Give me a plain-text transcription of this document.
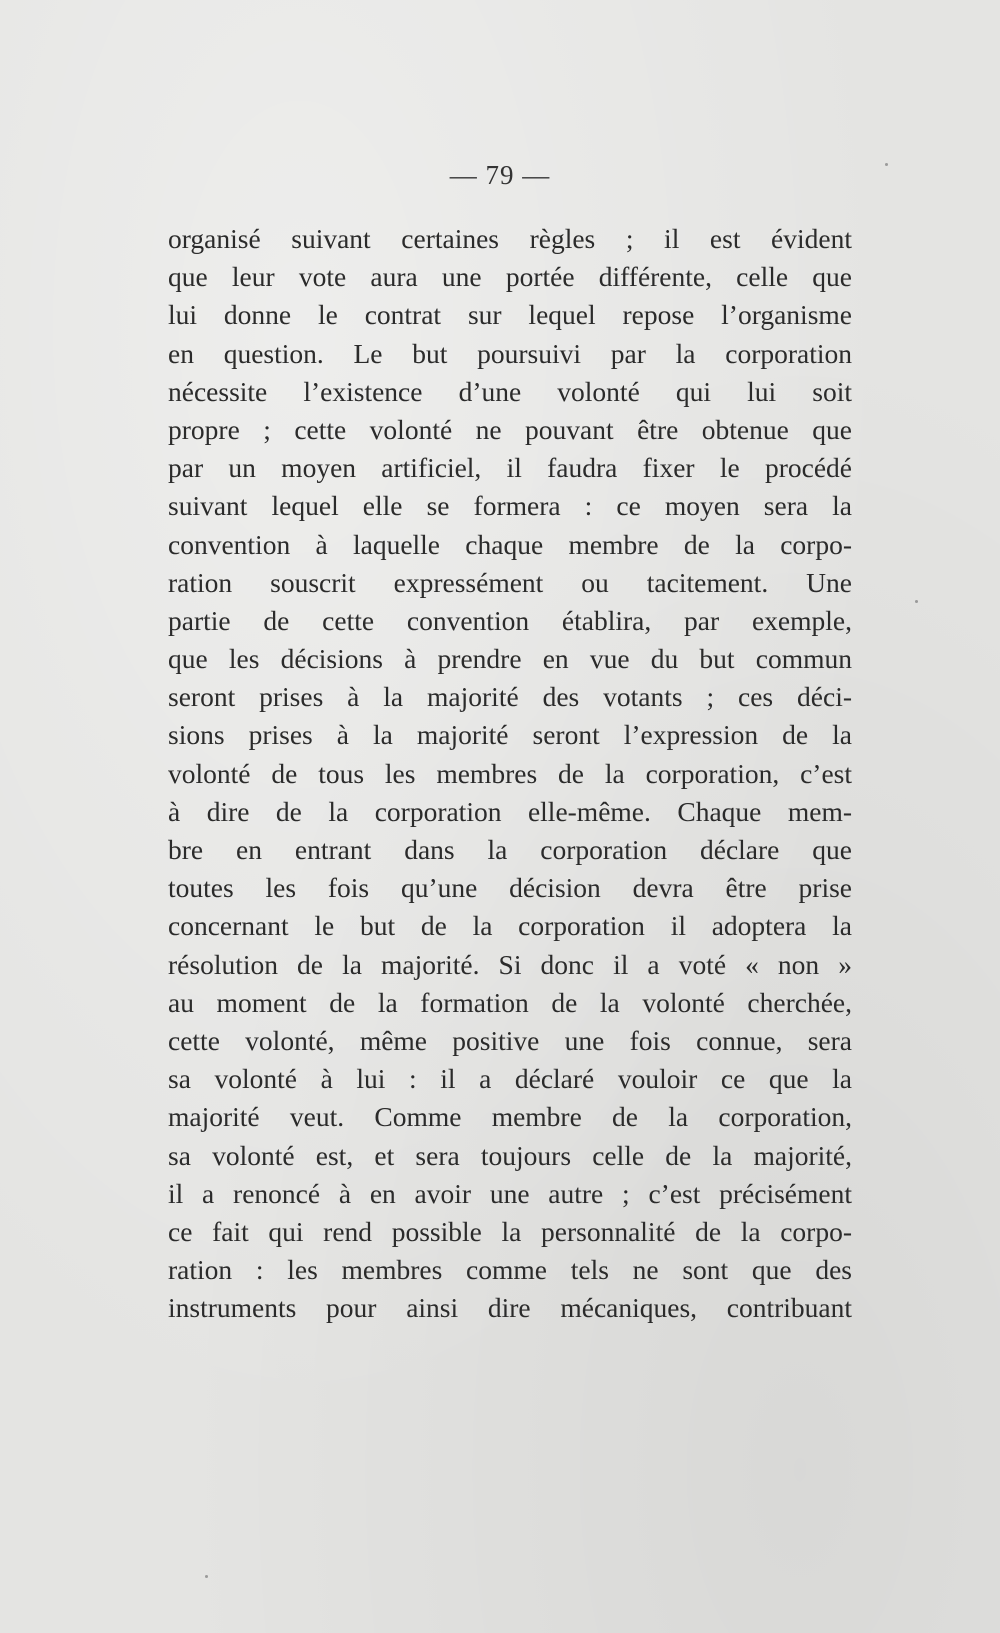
— 79 —
organisé suivant certaines règles ; il est évident
que leur vote aura une portée différente, celle que
lui donne le contrat sur lequel repose l’organisme
en question. Le but poursuivi par la corporation
nécessite l’existence d’une volonté qui lui soit
propre ; cette volonté ne pouvant être obtenue que
par un moyen artificiel, il faudra fixer le procédé
suivant lequel elle se formera : ce moyen sera la
convention à laquelle chaque membre de la corpo-
ration souscrit expressément ou tacitement. Une
partie de cette convention établira, par exemple,
que les décisions à prendre en vue du but commun
seront prises à la majorité des votants ; ces déci-
sions prises à la majorité seront l’expression de la
volonté de tous les membres de la corporation, c’est
à dire de la corporation elle-même. Chaque mem-
bre en entrant dans la corporation déclare que
toutes les fois qu’une décision devra être prise
concernant le but de la corporation il adoptera la
résolution de la majorité. Si donc il a voté « non »
au moment de la formation de la volonté cherchée,
cette volonté, même positive une fois connue, sera
sa volonté à lui : il a déclaré vouloir ce que la
majorité veut. Comme membre de la corporation,
sa volonté est, et sera toujours celle de la majorité,
il a renoncé à en avoir une autre ; c’est précisément
ce fait qui rend possible la personnalité de la corpo-
ration : les membres comme tels ne sont que des
instruments pour ainsi dire mécaniques, contribuant
